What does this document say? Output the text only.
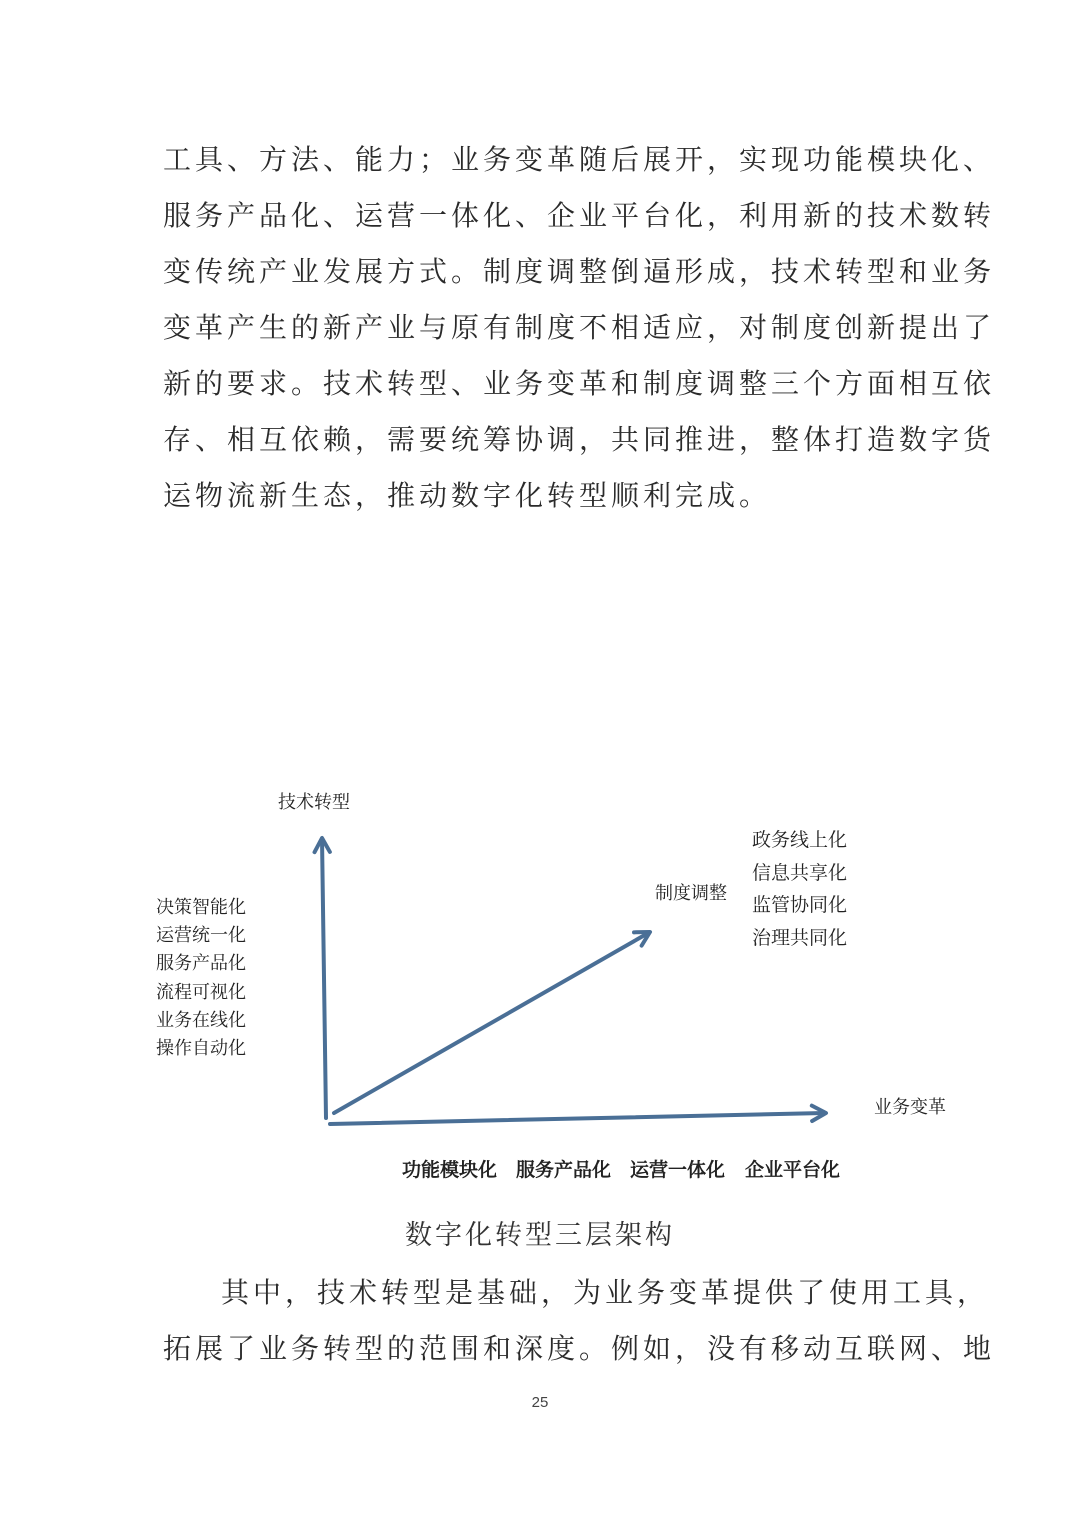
工具、方法、能力；业务变革随后展开，实现功能模块化、
服务产品化、运营一体化、企业平台化，利用新的技术数转
变传统产业发展方式。制度调整倒逼形成，技术转型和业务
变革产生的新产业与原有制度不相适应，对制度创新提出了
新的要求。技术转型、业务变革和制度调整三个方面相互依
存、相互依赖，需要统筹协调，共同推进，整体打造数字货
运物流新生态，推动数字化转型顺利完成。
技术转型
业务变革
制度调整
决策智能化
运营统一化
服务产品化
流程可视化
业务在线化
操作自动化
政务线上化
信息共享化
监管协同化
治理共同化
功能模块化 服务产品化 运营一体化 企业平台化
数字化转型三层架构
其中，技术转型是基础，为业务变革提供了使用工具，
拓展了业务转型的范围和深度。例如，没有移动互联网、地
25
